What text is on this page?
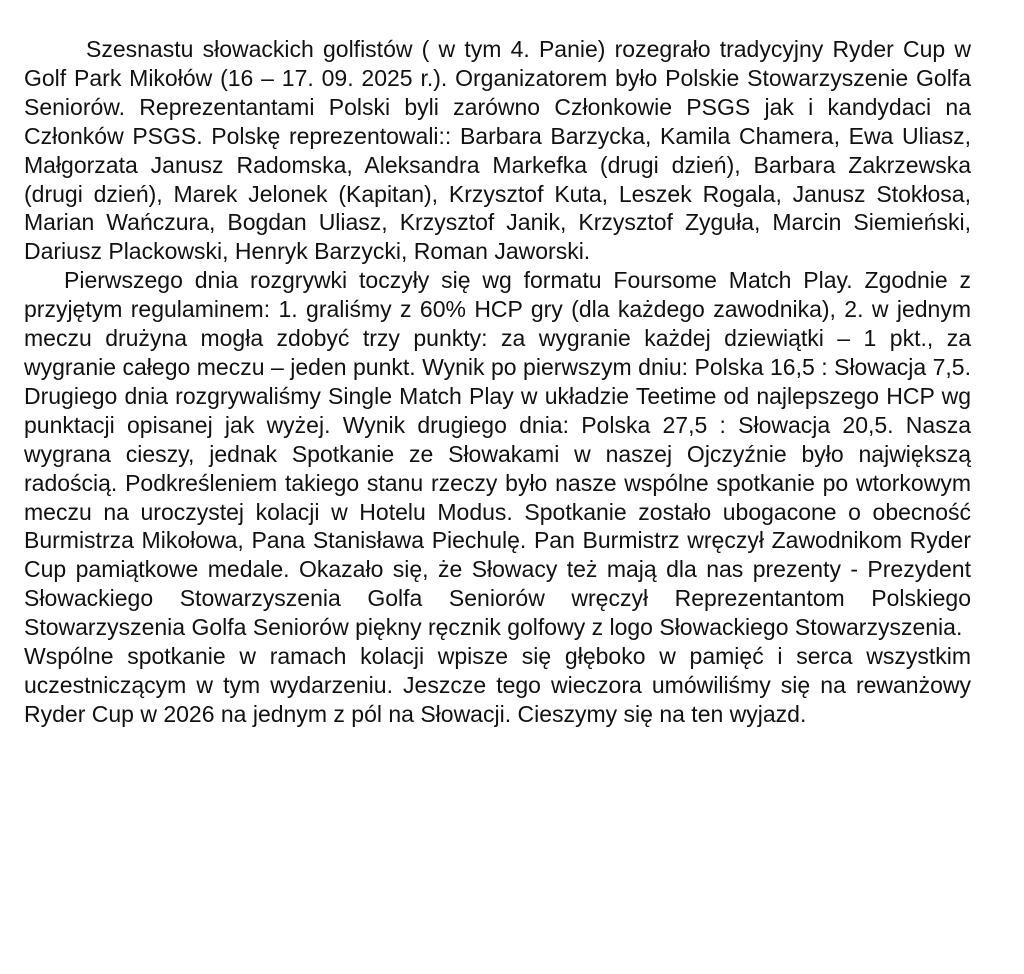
Szesnastu słowackich golfistów ( w tym 4. Panie) rozegrało tradycyjny Ryder Cup w Golf Park Mikołów (16 – 17. 09. 2025 r.). Organizatorem było Polskie Stowarzyszenie Golfa Seniorów. Reprezentantami Polski byli zarówno Członkowie PSGS jak i kandydaci na Członków PSGS. Polskę reprezentowali:: Barbara Barzycka, Kamila Chamera, Ewa Uliasz, Małgorzata Janusz Radomska, Aleksandra Markefka (drugi dzień), Barbara Zakrzewska (drugi dzień), Marek Jelonek (Kapitan), Krzysztof Kuta, Leszek Rogala, Janusz Stokłosa, Marian Wańczura, Bogdan Uliasz, Krzysztof Janik, Krzysztof Zyguła, Marcin Siemieński, Dariusz Plackowski, Henryk Barzycki, Roman Jaworski.

Pierwszego dnia rozgrywki toczyły się wg formatu Foursome Match Play. Zgodnie z przyjętym regulaminem: 1. graliśmy z 60% HCP gry (dla każdego zawodnika), 2. w jednym meczu drużyna mogła zdobyć trzy punkty: za wygranie każdej dziewiątki – 1 pkt., za wygranie całego meczu – jeden punkt. Wynik po pierwszym dniu: Polska 16,5 : Słowacja 7,5. Drugiego dnia rozgrywaliśmy Single Match Play w układzie Teetime od najlepszego HCP wg punktacji opisanej jak wyżej. Wynik drugiego dnia: Polska 27,5 : Słowacja 20,5. Nasza wygrana cieszy, jednak Spotkanie ze Słowakami w naszej Ojczyźnie było największą radością. Podkreśleniem takiego stanu rzeczy było nasze wspólne spotkanie po wtorkowym meczu na uroczystej kolacji w Hotelu Modus. Spotkanie zostało ubogacone o obecność Burmistrza Mikołowa, Pana Stanisława Piechulę. Pan Burmistrz wręczył Zawodnikom Ryder Cup pamiątkowe medale. Okazało się, że Słowacy też mają dla nas prezenty - Prezydent Słowackiego Stowarzyszenia Golfa Seniorów wręczył Reprezentantom Polskiego Stowarzyszenia Golfa Seniorów piękny ręcznik golfowy z logo Słowackiego Stowarzyszenia.

Wspólne spotkanie w ramach kolacji wpisze się głęboko w pamięć i serca wszystkim uczestniczącym w tym wydarzeniu. Jeszcze tego wieczora umówiliśmy się na rewanżowy Ryder Cup w 2026 na jednym z pól na Słowacji. Cieszymy się na ten wyjazd.
